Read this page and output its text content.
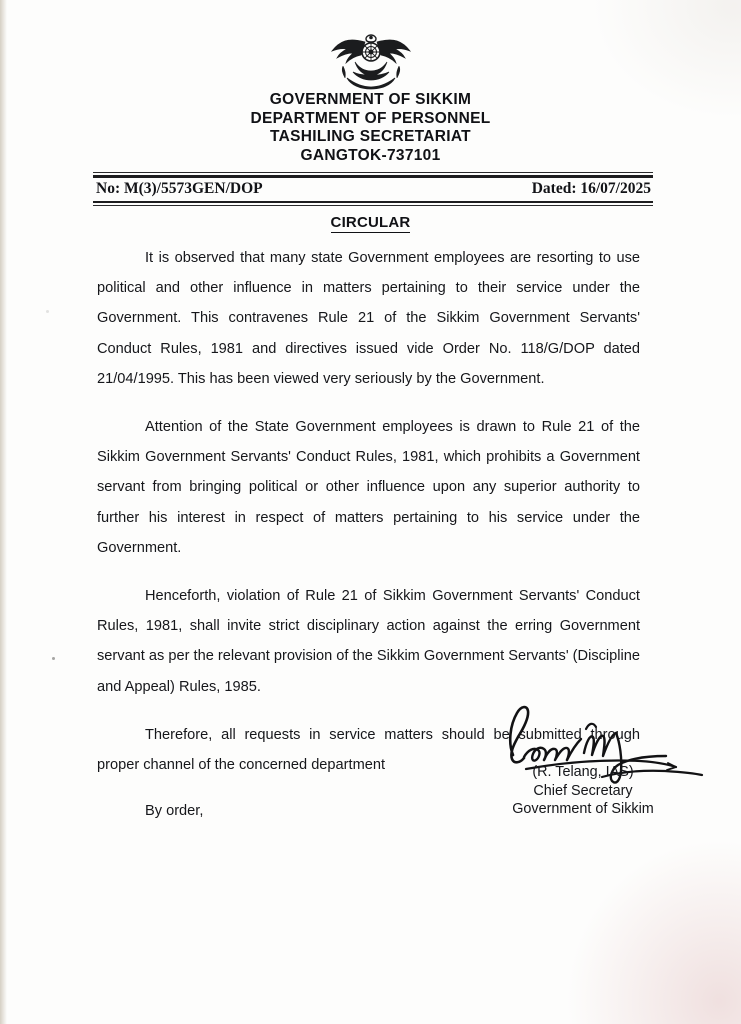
GOVERNMENT OF SIKKIM
DEPARTMENT OF PERSONNEL
TASHILING SECRETARIAT
GANGTOK-737101
No: M(3)/5573GEN/DOP	Dated: 16/07/2025
CIRCULAR

It is observed that many state Government employees are resorting to use political and other influence in matters pertaining to their service under the Government. This contravenes Rule 21 of the Sikkim Government Servants' Conduct Rules, 1981 and directives issued vide Order No. 118/G/DOP dated 21/04/1995. This has been viewed very seriously by the Government.

Attention of the State Government employees is drawn to Rule 21 of the Sikkim Government Servants' Conduct Rules, 1981, which prohibits a Government servant from bringing political or other influence upon any superior authority to further his interest in respect of matters pertaining to his service under the Government.

Henceforth, violation of Rule 21 of Sikkim Government Servants' Conduct Rules, 1981, shall invite strict disciplinary action against the erring Government servant as per the relevant provision of the Sikkim Government Servants' (Discipline and Appeal) Rules, 1985.

Therefore, all requests in service matters should be submitted through proper channel of the concerned department

By order,

(R. Telang, IAS)
Chief Secretary
Government of Sikkim
